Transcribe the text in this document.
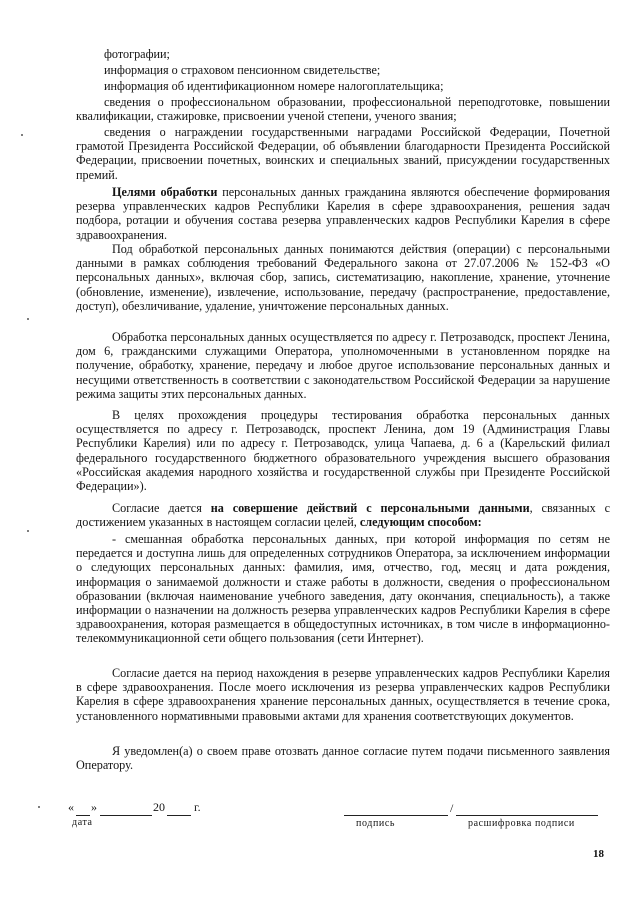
фотографии;

информация о страховом пенсионном свидетельстве;

информация об идентификационном номере налогоплательщика;

сведения о профессиональном образовании, профессиональной переподготовке, повышении квалификации, стажировке, присвоении ученой степени, ученого звания;

сведения о награждении государственными наградами Российской Федерации, Почетной грамотой Президента Российской Федерации, об объявлении благодарности Президента Российской Федерации, присвоении почетных, воинских и специальных званий, присуждении государственных премий.

Целями обработки персональных данных гражданина являются обеспечение формирования резерва управленческих кадров Республики Карелия в сфере здравоохранения, решения задач подбора, ротации и обучения состава резерва управленческих кадров Республики Карелия в сфере здравоохранения.

Под обработкой персональных данных понимаются действия (операции) с персональными данными в рамках соблюдения требований Федерального закона от 27.07.2006 № 152-ФЗ «О персональных данных», включая сбор, запись, систематизацию, накопление, хранение, уточнение (обновление, изменение), извлечение, использование, передачу (распространение, предоставление, доступ), обезличивание, удаление, уничтожение персональных данных.

Обработка персональных данных осуществляется по адресу г. Петрозаводск, проспект Ленина, дом 6, гражданскими служащими Оператора, уполномоченными в установленном порядке на получение, обработку, хранение, передачу и любое другое использование персональных данных и несущими ответственность в соответствии с законодательством Российской Федерации за нарушение режима защиты этих персональных данных.

В целях прохождения процедуры тестирования обработка персональных данных осуществляется по адресу г. Петрозаводск, проспект Ленина, дом 19 (Администрация Главы Республики Карелия) или по адресу г. Петрозаводск, улица Чапаева, д. 6 а (Карельский филиал федерального государственного бюджетного образовательного учреждения высшего образования «Российская академия народного хозяйства и государственной службы при Президенте Российской Федерации»).

Согласие дается на совершение действий с персональными данными, связанных с достижением указанных в настоящем согласии целей, следующим способом:

- смешанная обработка персональных данных, при которой информация по сетям не передается и доступна лишь для определенных сотрудников Оператора, за исключением информации о следующих персональных данных: фамилия, имя, отчество, год, месяц и дата рождения, информация о занимаемой должности и стаже работы в должности, сведения о профессиональном образовании (включая наименование учебного заведения, дату окончания, специальность), а также информации о назначении на должность резерва управленческих кадров Республики Карелия в сфере здравоохранения, которая размещается в общедоступных источниках, в том числе в информационно-телекоммуникационной сети общего пользования (сети Интернет).

Согласие дается на период нахождения в резерве управленческих кадров Республики Карелия в сфере здравоохранения. После моего исключения из резерва управленческих кадров Республики Карелия в сфере здравоохранения хранение персональных данных, осуществляется в течение срока, установленного нормативными правовыми актами для хранения соответствующих документов.

Я уведомлен(а) о своем праве отозвать данное согласие путем подачи письменного заявления Оператору.

« »	20 г.
дата
/
подпись	расшифровка подписи
18
